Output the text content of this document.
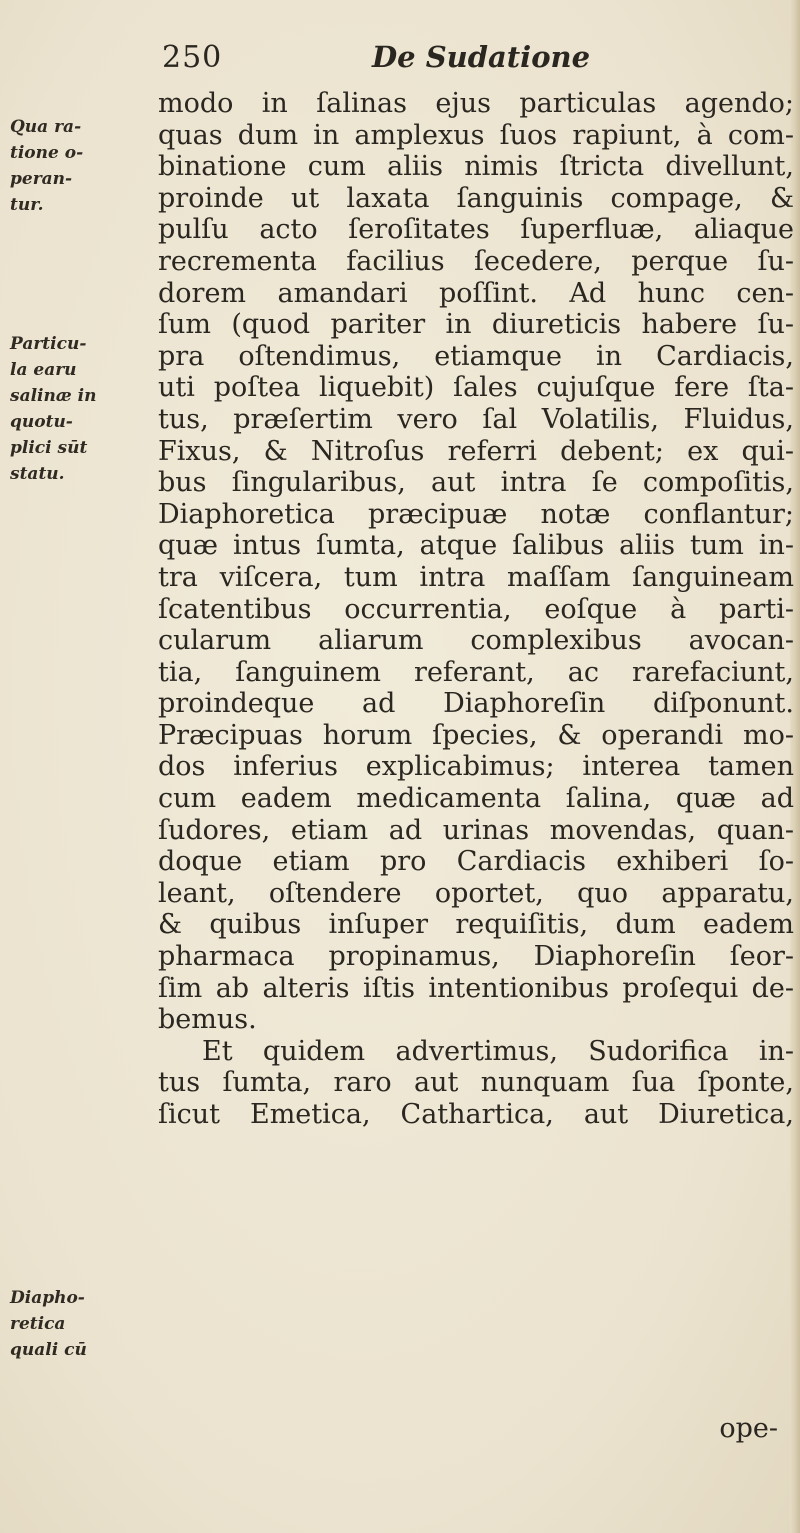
250	De Sudatione
Qua ra-
tione o-
peran-
tur.
Particu-
la earu
salinæ in
quotu-
plici sūt
statu.
Diapho-
retica
quali cū
modo in ſalinas ejus particulas agendo;
quas dum in amplexus ſuos rapiunt, à com-
binatione cum aliis nimis ſtricta divellunt,
proinde ut laxata ſanguinis compage, &
pulſu acto ſeroſitates ſuperfluæ, aliaque
recrementa facilius ſecedere, perque ſu-
dorem amandari poſſint. Ad hunc cen-
ſum (quod pariter in diureticis habere ſu-
pra oſtendimus, etiamque in Cardiacis,
uti poſtea liquebit) ſales cujuſque fere ſta-
tus, præſertim vero ſal Volatilis, Fluidus,
Fixus, & Nitroſus referri debent; ex qui-
bus ſingularibus, aut intra ſe compoſitis,
Diaphoretica præcipuæ notæ conflantur;
quæ intus ſumta, atque ſalibus aliis tum in-
tra viſcera, tum intra maſſam ſanguineam
ſcatentibus occurrentia, eoſque à parti-
cularum aliarum complexibus avocan-
tia, ſanguinem referant, ac rarefaciunt,
proindeque ad Diaphoreſin diſponunt.
Præcipuas horum ſpecies, & operandi mo-
dos inferius explicabimus; interea tamen
cum eadem medicamenta ſalina, quæ ad
ſudores, etiam ad urinas movendas, quan-
doque etiam pro Cardiacis exhiberi ſo-
leant, oſtendere oportet, quo apparatu,
& quibus inſuper requiſitis, dum eadem
pharmaca propinamus, Diaphoreſin ſeor-
ſim ab alteris iſtis intentionibus proſequi de-
bemus.
Et quidem advertimus, Sudorifica in-
tus ſumta, raro aut nunquam ſua ſponte,
ſicut Emetica, Cathartica, aut Diuretica,
ope-
